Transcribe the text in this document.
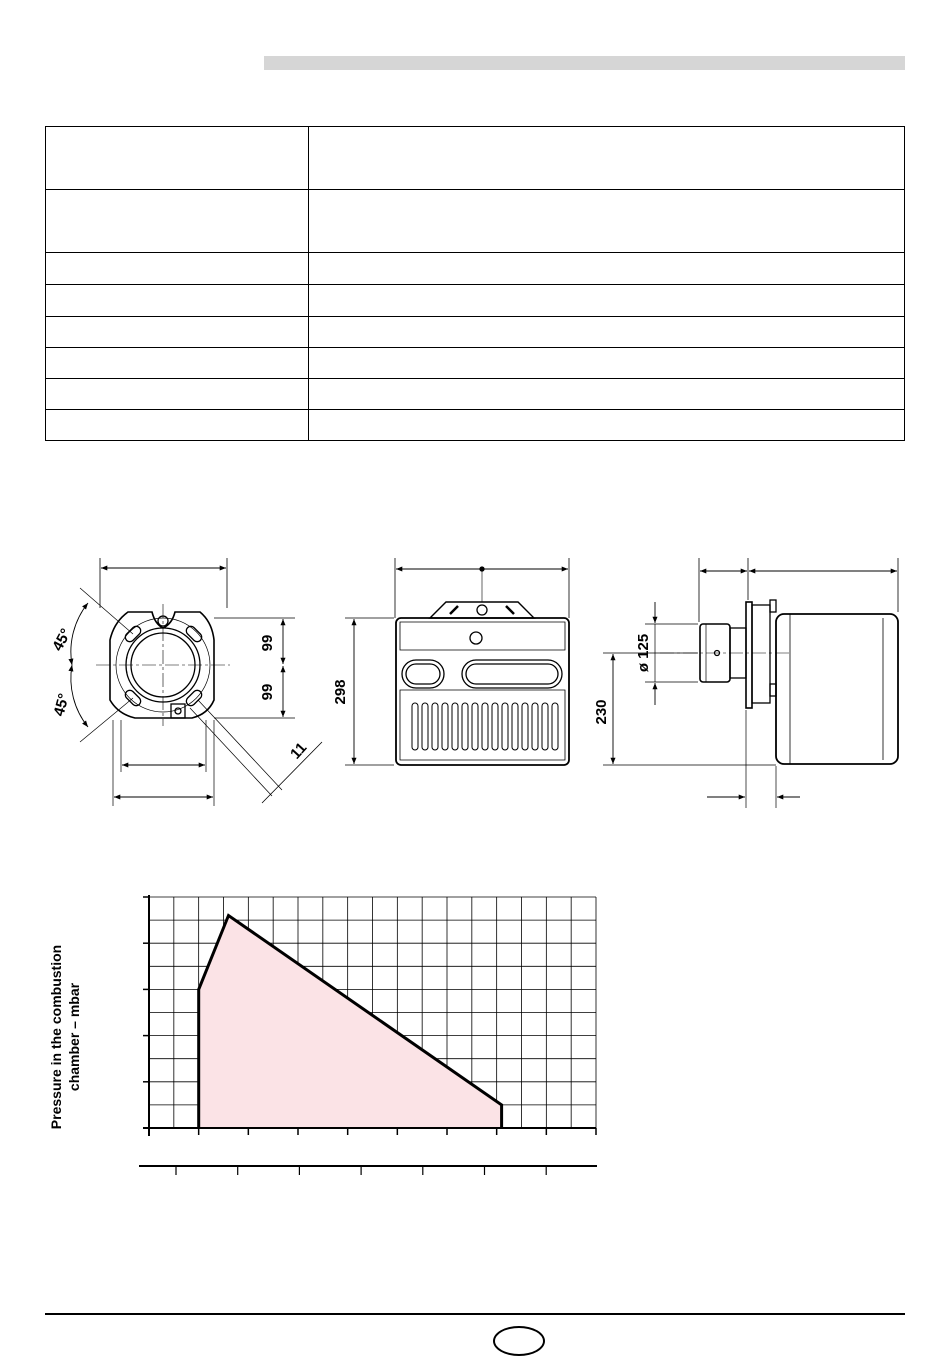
45°
45°
99
99
11
298
ø 125
230
Pressure in the combustion chamber – mbar
